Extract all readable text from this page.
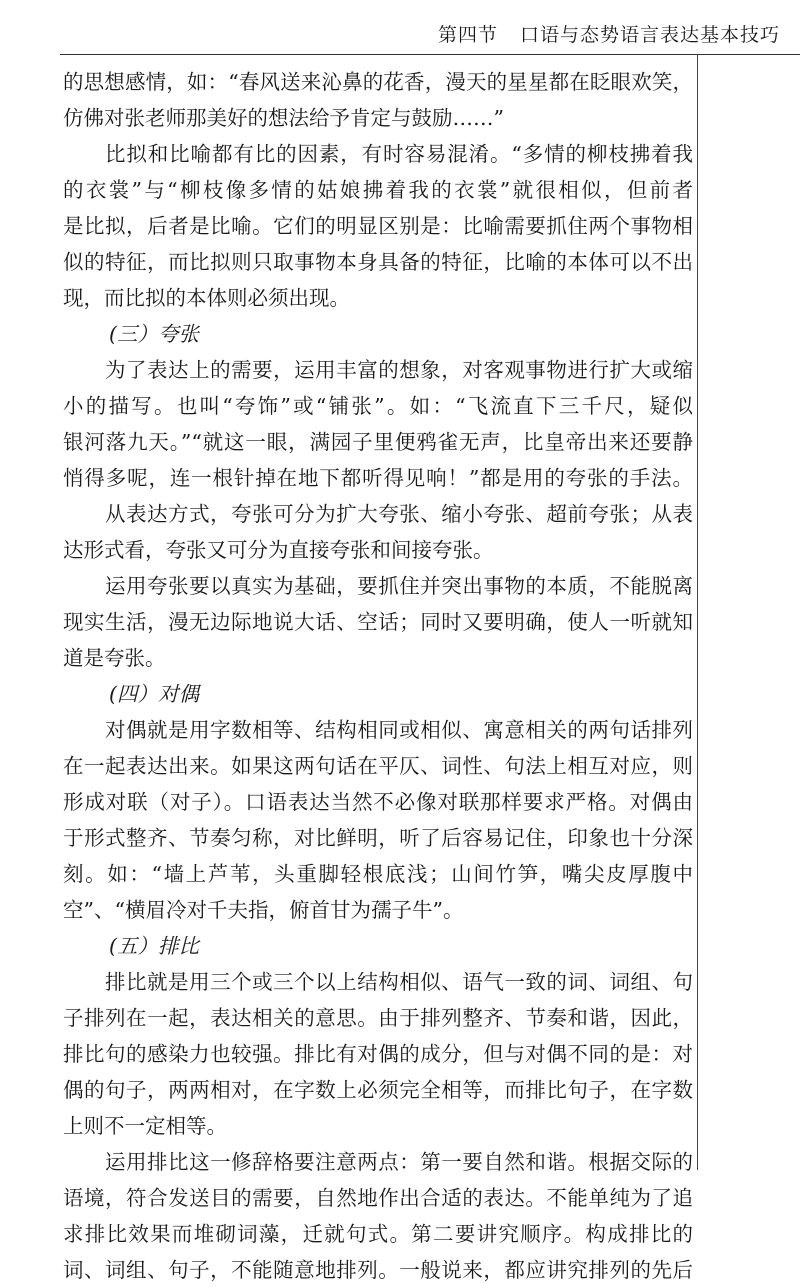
第四节 口语与态势语言表达基本技巧
的思想感情，如：“春风送来沁鼻的花香，漫天的星星都在眨眼欢笑，
仿佛对张老师那美好的想法给予肯定与鼓励……”
比拟和比喻都有比的因素，有时容易混淆。“多情的柳枝拂着我
的衣裳”与“柳枝像多情的姑娘拂着我的衣裳”就很相似，但前者
是比拟，后者是比喻。它们的明显区别是：比喻需要抓住两个事物相
似的特征，而比拟则只取事物本身具备的特征，比喻的本体可以不出
现，而比拟的本体则必须出现。
(三）夸张
为了表达上的需要，运用丰富的想象，对客观事物进行扩大或缩
小的描写。也叫“夸饰”或“铺张”。如：“飞流直下三千尺，疑似
银河落九天。”“就这一眼，满园子里便鸦雀无声，比皇帝出来还要静
悄得多呢，连一根针掉在地下都听得见响！”都是用的夸张的手法。
从表达方式，夸张可分为扩大夸张、缩小夸张、超前夸张；从表
达形式看，夸张又可分为直接夸张和间接夸张。
运用夸张要以真实为基础，要抓住并突出事物的本质，不能脱离
现实生活，漫无边际地说大话、空话；同时又要明确，使人一听就知
道是夸张。
(四）对偶
对偶就是用字数相等、结构相同或相似、寓意相关的两句话排列
在一起表达出来。如果这两句话在平仄、词性、句法上相互对应，则
形成对联（对子）。口语表达当然不必像对联那样要求严格。对偶由
于形式整齐、节奏匀称，对比鲜明，听了后容易记住，印象也十分深
刻。如：“墙上芦苇，头重脚轻根底浅；山间竹笋，嘴尖皮厚腹中
空”、“横眉冷对千夫指，俯首甘为孺子牛”。
(五）排比
排比就是用三个或三个以上结构相似、语气一致的词、词组、句
子排列在一起，表达相关的意思。由于排列整齐、节奏和谐，因此，
排比句的感染力也较强。排比有对偶的成分，但与对偶不同的是：对
偶的句子，两两相对，在字数上必须完全相等，而排比句子，在字数
上则不一定相等。
运用排比这一修辞格要注意两点：第一要自然和谐。根据交际的
语境，符合发送目的需要，自然地作出合适的表达。不能单纯为了追
求排比效果而堆砌词藻，迁就句式。第二要讲究顺序。构成排比的
词、词组、句子，不能随意地排列。一般说来，都应讲究排列的先后
